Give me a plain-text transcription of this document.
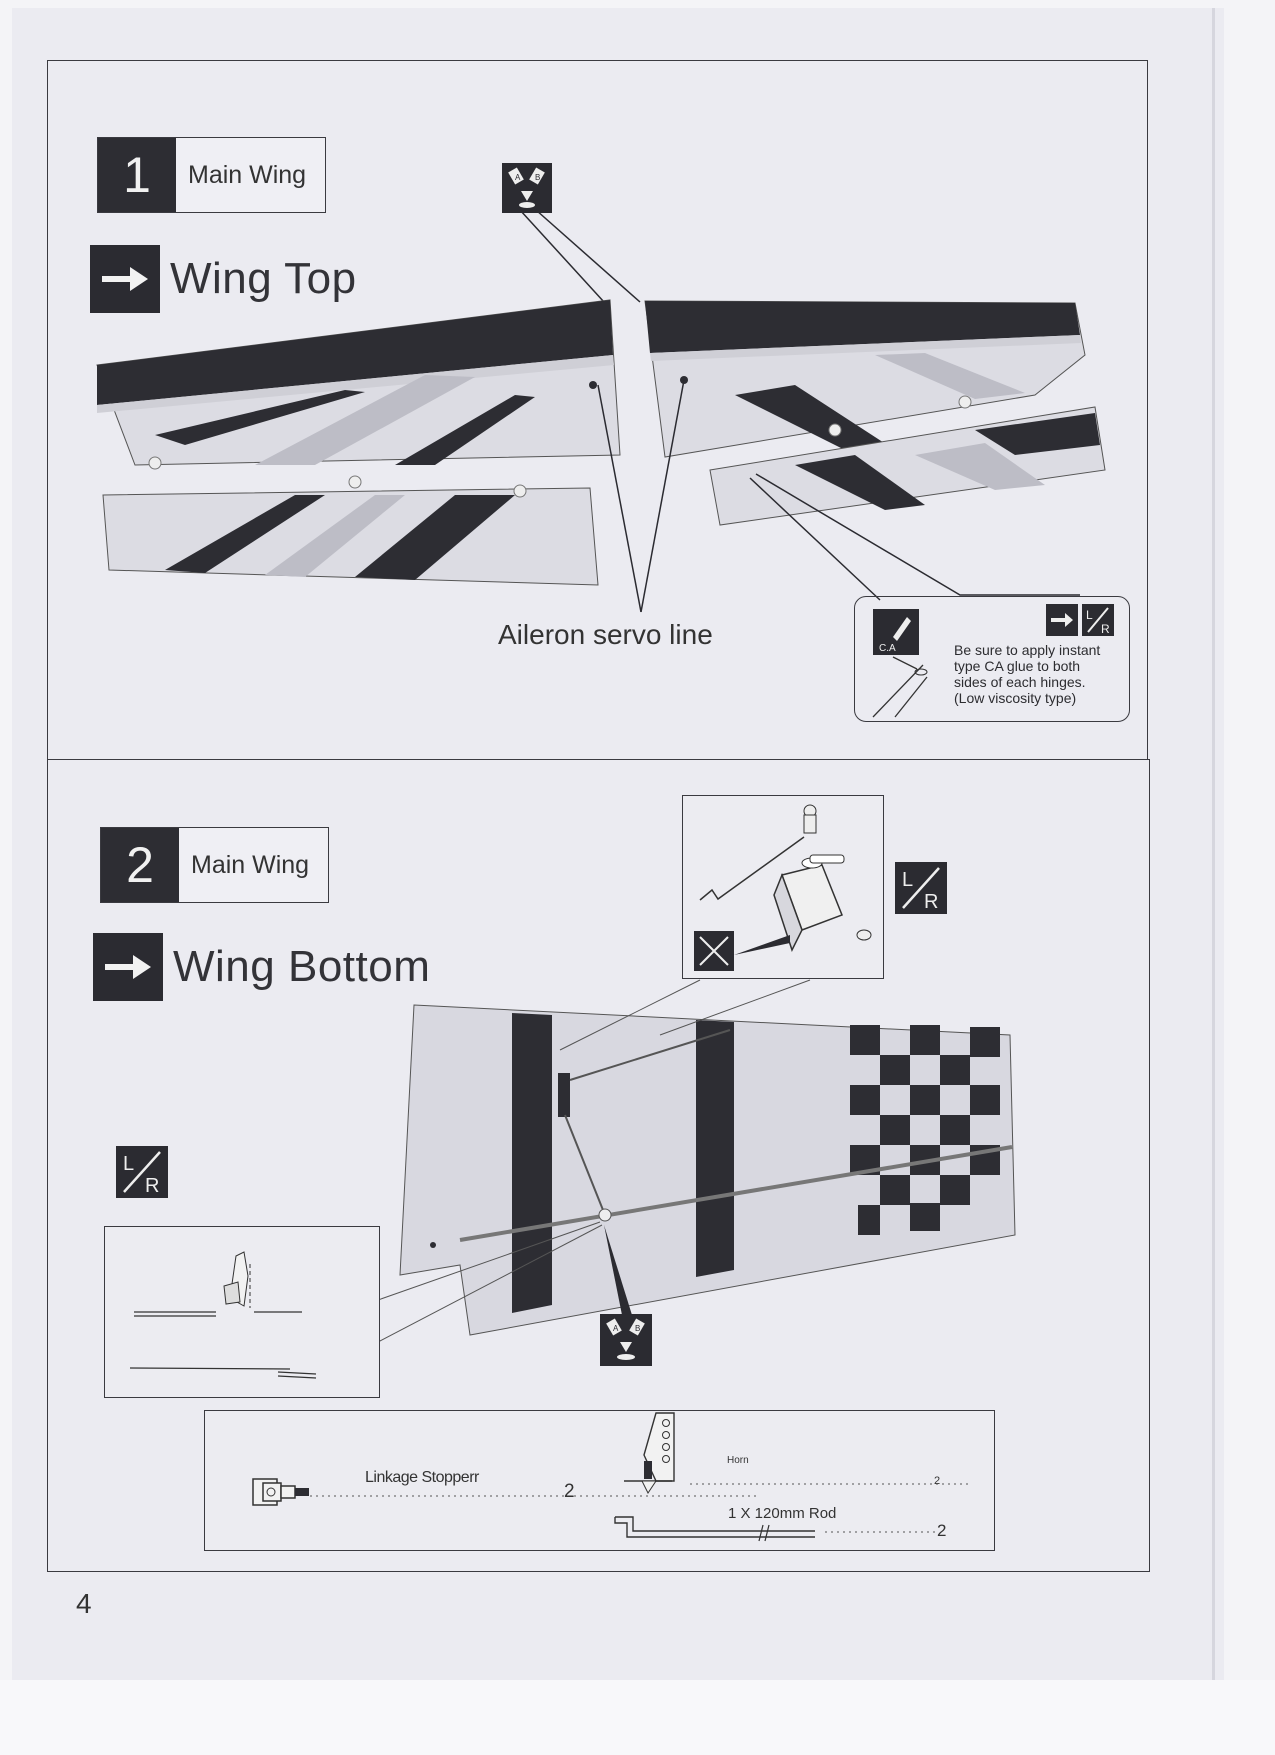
1	Main Wing
Wing Top
A B
Aileron servo line	C.A
L
R
Be sure to apply instant
type CA glue to both
sides of each hinges.
(Low viscosity type)
2	Main Wing
Wing Bottom
L
R
L
R
A B
Linkage Stopperr
2
Horn
2
1 X 120mm Rod
2
4
